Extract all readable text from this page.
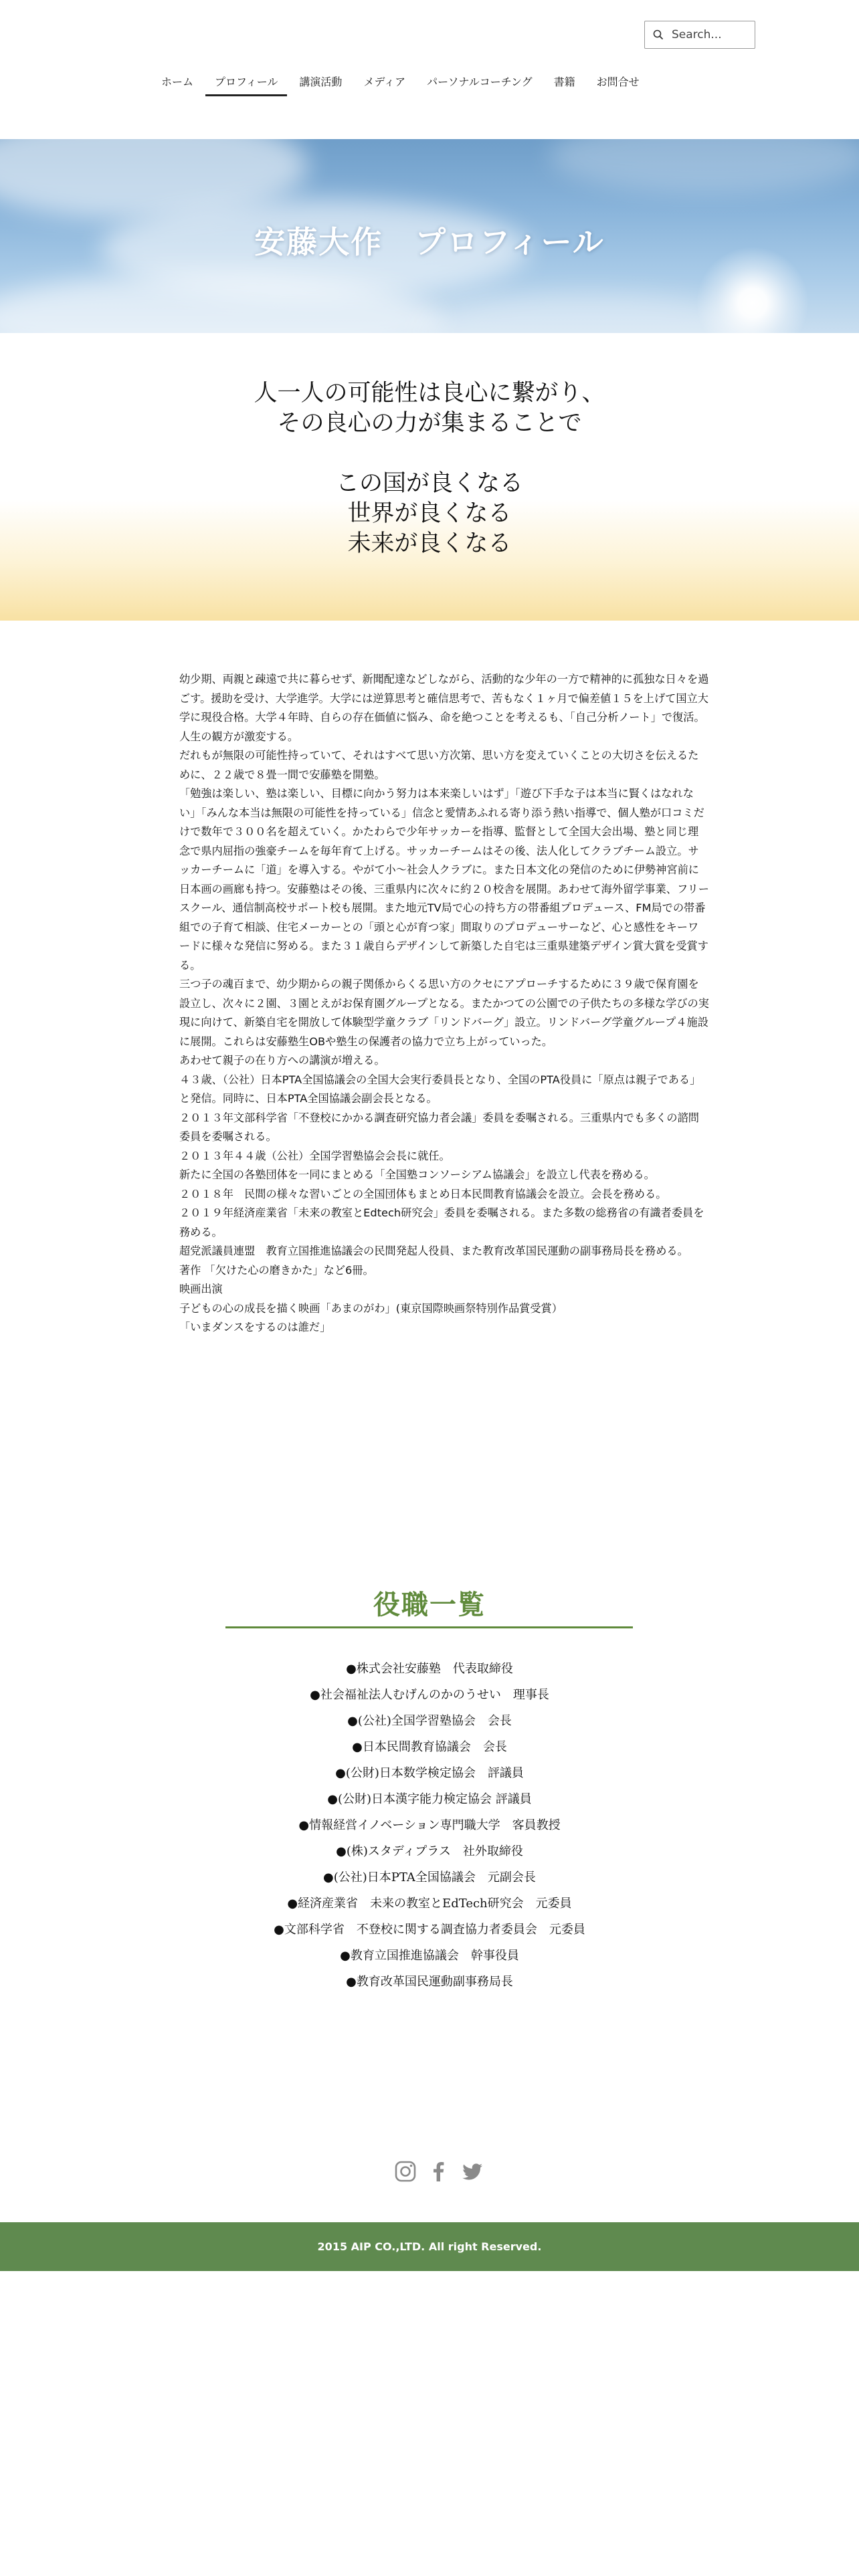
Search...
ホーム	プロフィール	講演活動	メディア	パーソナルコーチング	書籍	お問合せ
安藤大作　プロフィール

人一人の可能性は良心に繋がり、

その良心の力が集まることで

この国が良くなる

世界が良くなる

未来が良くなる

幼少期、両親と疎遠で共に暮らせず、新聞配達などしながら、活動的な少年の一方で精神的に孤独な日々を過ごす。援助を受け、大学進学。大学には逆算思考と確信思考で、苦もなく１ヶ月で偏差値１５を上げて国立大学に現役合格。大学４年時、自らの存在価値に悩み、命を絶つことを考えるも、「自己分析ノート」で復活。人生の観方が激変する。

だれもが無限の可能性持っていて、それはすべて思い方次第、思い方を変えていくことの大切さを伝えるために、２２歳で８畳一間で安藤塾を開塾。

「勉強は楽しい、塾は楽しい、目標に向かう努力は本来楽しいはず」「遊び下手な子は本当に賢くはなれない」「みんな本当は無限の可能性を持っている」信念と愛情あふれる寄り添う熱い指導で、個人塾が口コミだけで数年で３００名を超えていく。かたわらで少年サッカーを指導、監督として全国大会出場、塾と同じ理念で県内屈指の強豪チームを毎年育て上げる。サッカーチームはその後、法人化してクラブチーム設立。サッカーチームに「道」を導入する。やがて小～社会人クラブに。また日本文化の発信のために伊勢神宮前に日本画の画廊も持つ。安藤塾はその後、三重県内に次々に約２０校舎を展開。あわせて海外留学事業、フリースクール、通信制高校サポート校も展開。また地元TV局で心の持ち方の帯番組プロデュース、FM局での帯番組での子育て相談、住宅メーカーとの「頭と心が育つ家」間取りのプロデューサーなど、心と感性をキーワードに様々な発信に努める。また３１歳自らデザインして新築した自宅は三重県建築デザイン賞大賞を受賞する。

三つ子の魂百まで、幼少期からの親子関係からくる思い方のクセにアプローチするために３９歳で保育園を設立し、次々に２園、３園とえがお保育園グループとなる。またかつての公園での子供たちの多様な学びの実現に向けて、新築自宅を開放して体験型学童クラブ「リンドバーグ」設立。リンドバーグ学童グループ４施設に展開。これらは安藤塾生OBや塾生の保護者の協力で立ち上がっていった。

あわせて親子の在り方への講演が増える。

４３歳、（公社）日本PTA全国協議会の全国大会実行委員長となり、全国のPTA役員に「原点は親子である」と発信。同時に、日本PTA全国協議会副会長となる。

２０１３年文部科学省「不登校にかかる調査研究協力者会議」委員を委嘱される。三重県内でも多くの諮問委員を委嘱される。

２０１３年４４歳（公社）全国学習塾協会会長に就任。

新たに全国の各塾団体を一同にまとめる「全国塾コンソーシアム協議会」を設立し代表を務める。

２０１８年　民間の様々な習いごとの全国団体もまとめ日本民間教育協議会を設立。会長を務める。

２０１９年経済産業省「未来の教室とEdtech研究会」委員を委嘱される。また多数の総務省の有識者委員を務める。

超党派議員連盟　教育立国推進協議会の民間発起人役員、また教育改革国民運動の副事務局長を務める。

著作 「欠けた心の磨きかた」など6冊。

映画出演

子どもの心の成長を描く映画「あまのがわ」(東京国際映画祭特別作品賞受賞）

「いまダンスをするのは誰だ」

役職一覧
●株式会社安藤塾　代表取締役
●社会福祉法人むげんのかのうせい　理事長
●(公社)全国学習塾協会　会長
●日本民間教育協議会　会長
●(公財)日本数学検定協会　評議員
●(公財)日本漢字能力検定協会 評議員
●情報経営イノベーション専門職大学　客員教授
●(株)スタディプラス　社外取締役
●(公社)日本PTA全国協議会　元副会長
●経済産業省　未来の教室とEdTech研究会　元委員
●文部科学省　不登校に関する調査協力者委員会　元委員
●教育立国推進協議会　幹事役員
●教育改革国民運動副事務局長

2015 AIP CO.,LTD. All right Reserved.
